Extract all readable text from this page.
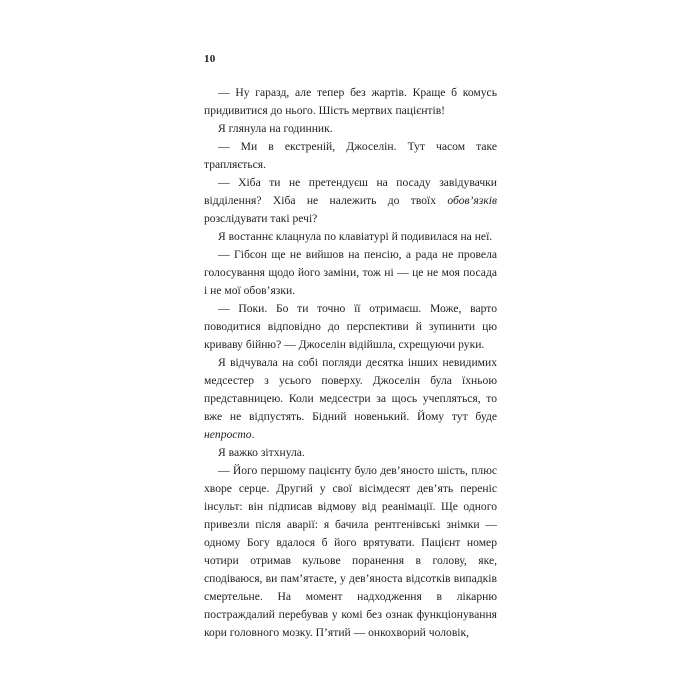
10

— Ну гаразд, але тепер без жартів. Краще б комусь придивитися до нього. Шість мертвих пацієнтів!

Я глянула на годинник.

— Ми в екстреній, Джоселін. Тут часом таке трапляється.

— Хіба ти не претендуєш на посаду завідувачки відділення? Хіба не належить до твоїх обов’язків розслідувати такі речі?

Я востаннє клацнула по клавіатурі й подивилася на неї.

— Гібсон ще не вийшов на пенсію, а рада не провела голосування щодо його заміни, тож ні — це не моя посада і не мої обов’язки.

— Поки. Бо ти точно її отримаєш. Може, варто поводитися відповідно до перспективи й зупинити цю криваву бійню? — Джоселін відійшла, схрещуючи руки.

Я відчувала на собі погляди десятка інших невидимих медсестер з усього поверху. Джоселін була їхньою представницею. Коли медсестри за щось учепляться, то вже не відпустять. Бідний новенький. Йому тут буде непросто.

Я важко зітхнула.

— Його першому пацієнту було дев’яносто шість, плюс хворе серце. Другий у свої вісімдесят дев’ять переніс інсульт: він підписав відмову від реанімації. Ще одного привезли після аварії: я бачила рентгенівські знімки — одному Богу вдалося б його врятувати. Пацієнт номер чотири отримав кульове поранення в голову, яке, сподіваюся, ви пам’ятаєте, у дев’яноста відсотків випадків смертельне. На момент надходження в лікарню постраждалий перебував у комі без ознак функціонування кори головного мозку. П’ятий — онкохворий чоловік,
